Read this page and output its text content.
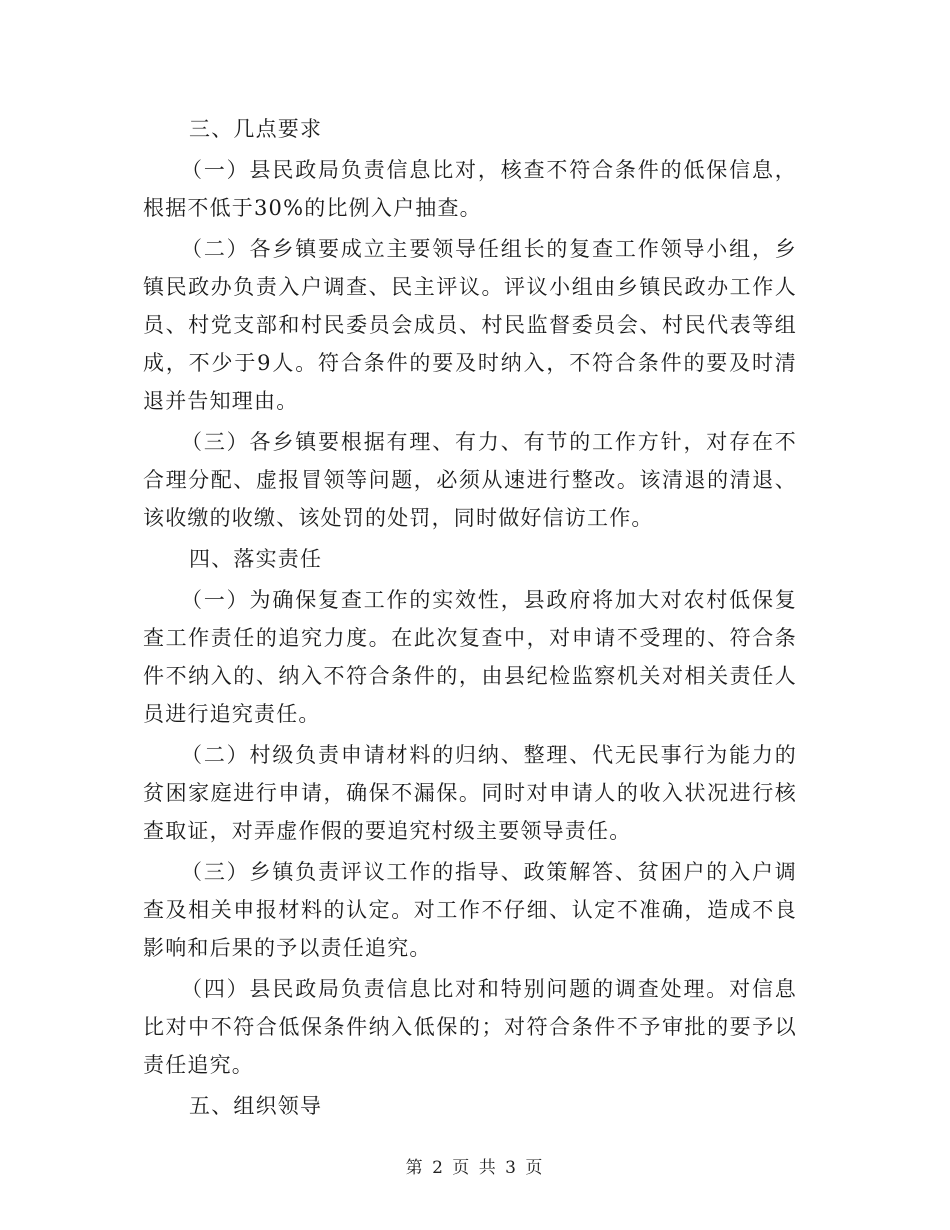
三、几点要求

（一）县民政局负责信息比对，核查不符合条件的低保信息，根据不低于30%的比例入户抽查。

（二）各乡镇要成立主要领导任组长的复查工作领导小组，乡镇民政办负责入户调查、民主评议。评议小组由乡镇民政办工作人员、村党支部和村民委员会成员、村民监督委员会、村民代表等组成，不少于9人。符合条件的要及时纳入，不符合条件的要及时清退并告知理由。

（三）各乡镇要根据有理、有力、有节的工作方针，对存在不合理分配、虚报冒领等问题，必须从速进行整改。该清退的清退、该收缴的收缴、该处罚的处罚，同时做好信访工作。

四、落实责任

（一）为确保复查工作的实效性，县政府将加大对农村低保复查工作责任的追究力度。在此次复查中，对申请不受理的、符合条件不纳入的、纳入不符合条件的，由县纪检监察机关对相关责任人员进行追究责任。

（二）村级负责申请材料的归纳、整理、代无民事行为能力的贫困家庭进行申请，确保不漏保。同时对申请人的收入状况进行核查取证，对弄虚作假的要追究村级主要领导责任。

（三）乡镇负责评议工作的指导、政策解答、贫困户的入户调查及相关申报材料的认定。对工作不仔细、认定不准确，造成不良影响和后果的予以责任追究。

（四）县民政局负责信息比对和特别问题的调查处理。对信息比对中不符合低保条件纳入低保的；对符合条件不予审批的要予以责任追究。

五、组织领导

第 2 页 共 3 页
